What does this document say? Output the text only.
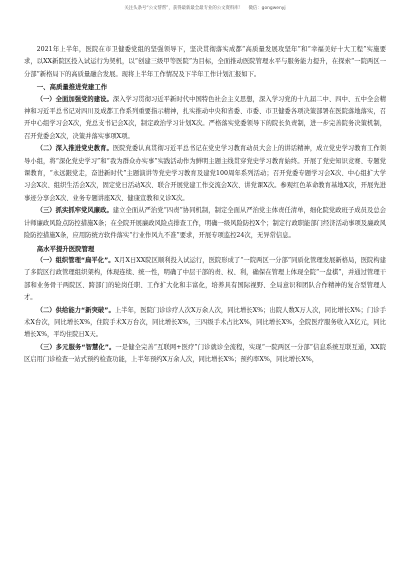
关注头条号“公文帮帮”，获得最新最全最专业的公文资料库！ 微信：gongwenyj

2021年上半年，医院在市卫健委党组的坚强领导下，坚决贯彻落实成都“高质量发展攻坚年”和“幸福美好十大工程”实施要求，以XX新院区投入试运行为契机，以“创建三级甲等医院”为目标，全面推动医院管理水平与服务能力提升，在探索“一院两区一分部”新格局下的高质量融合发展。现将上半年工作情况及下半年工作计划汇报如下。

一、高质量推进党建工作

（一）全面加强党的建设。深入学习贯彻习近平新时代中国特色社会主义思想，深入学习党的十九届二中、四中、五中全会精神和习近平总书记对四川及成都工作系列重要指示精神，扎实推动中央和省委、市委、市卫健委各项决策部署在医院落地落实，召开中心组学习会X次，党总支书记会X次，制定政治学习计划X次。严格落实党委领导下的院长负责制，进一步完善院务决策机制，召开党委会X次，决策并落实事项X项。

（二）深入推进党史教育。医院党委认真贯彻习近平总书记在党史学习教育动员大会上的讲话精神，成立党史学习教育工作领导小组，将“深化党史学习”和“我为群众办实事”实践活动作为鲜明主题主线贯穿党史学习教育始终。开展了党史知识竞赛、专题党课教育，“永远跟党走，奋进新时代”主题演讲等党史学习教育及建党100周年系列活动；召开党委专题学习会X次、中心组扩大学习会X次、组织生活会X次，固定党日活动X次、联合开展党建工作交流会X次、讲党课X次。参观红色革命教育基地X次，开展先进事迹分享会X次、业务专题讲座X次、健康宣教和义诊X次。

（三）抓实抓牢党风廉政。建立全面从严治党“四责”协同机制，制定全面从严治党主体责任清单，细化院党政班子成员及总会计师廉政风险点防控措施X条；在全院开展廉政风险点排查工作，明确一级风险防控X个；制定行政职能部门经济活动事项及廉政风险防控措施X条，应用防统方软件落实“行业作风九不准”要求，开展专项监控24次，无异常信息。

高水平提升医院管理

（一）组织管理“扁平化”。X月X日XX院区顺利投入试运行，医院形成了“一院两区一分部”同质化管理发展新格局，医院构建了多院区行政管理组织架构，体现连续、统一性，明确了中层干部的责、权、利，确保在管理上体现全院“一盘棋”，并通过管理干部和业务骨干两院区、跨部门的轮岗任职、工作扩大化和丰富化，培养具有国际视野、全局意识和团队合作精神的复合型管理人才。

（二）供给能力“新突破”。上半年，医院门诊诊疗人次X万余人次，同比增长X%；出院人数X万人次，同比增长X%；门诊手术X台次，同比增长X%，住院手术X万台次，同比增长X%，三四级手术占比X%，同比增长X%，全院医疗服务收入X亿元，同比增长X%，平均住院日X天。

（三）多元服务“智慧化”。一是健全完善“互联网+医疗”门诊就诊全流程，实现“一院两区一分部”信息系统互联互通，XX院区启用门诊检查一站式预约检查功能，上半年预约X万余人次，同比增长X%；预约率X%，同比增长X%，
